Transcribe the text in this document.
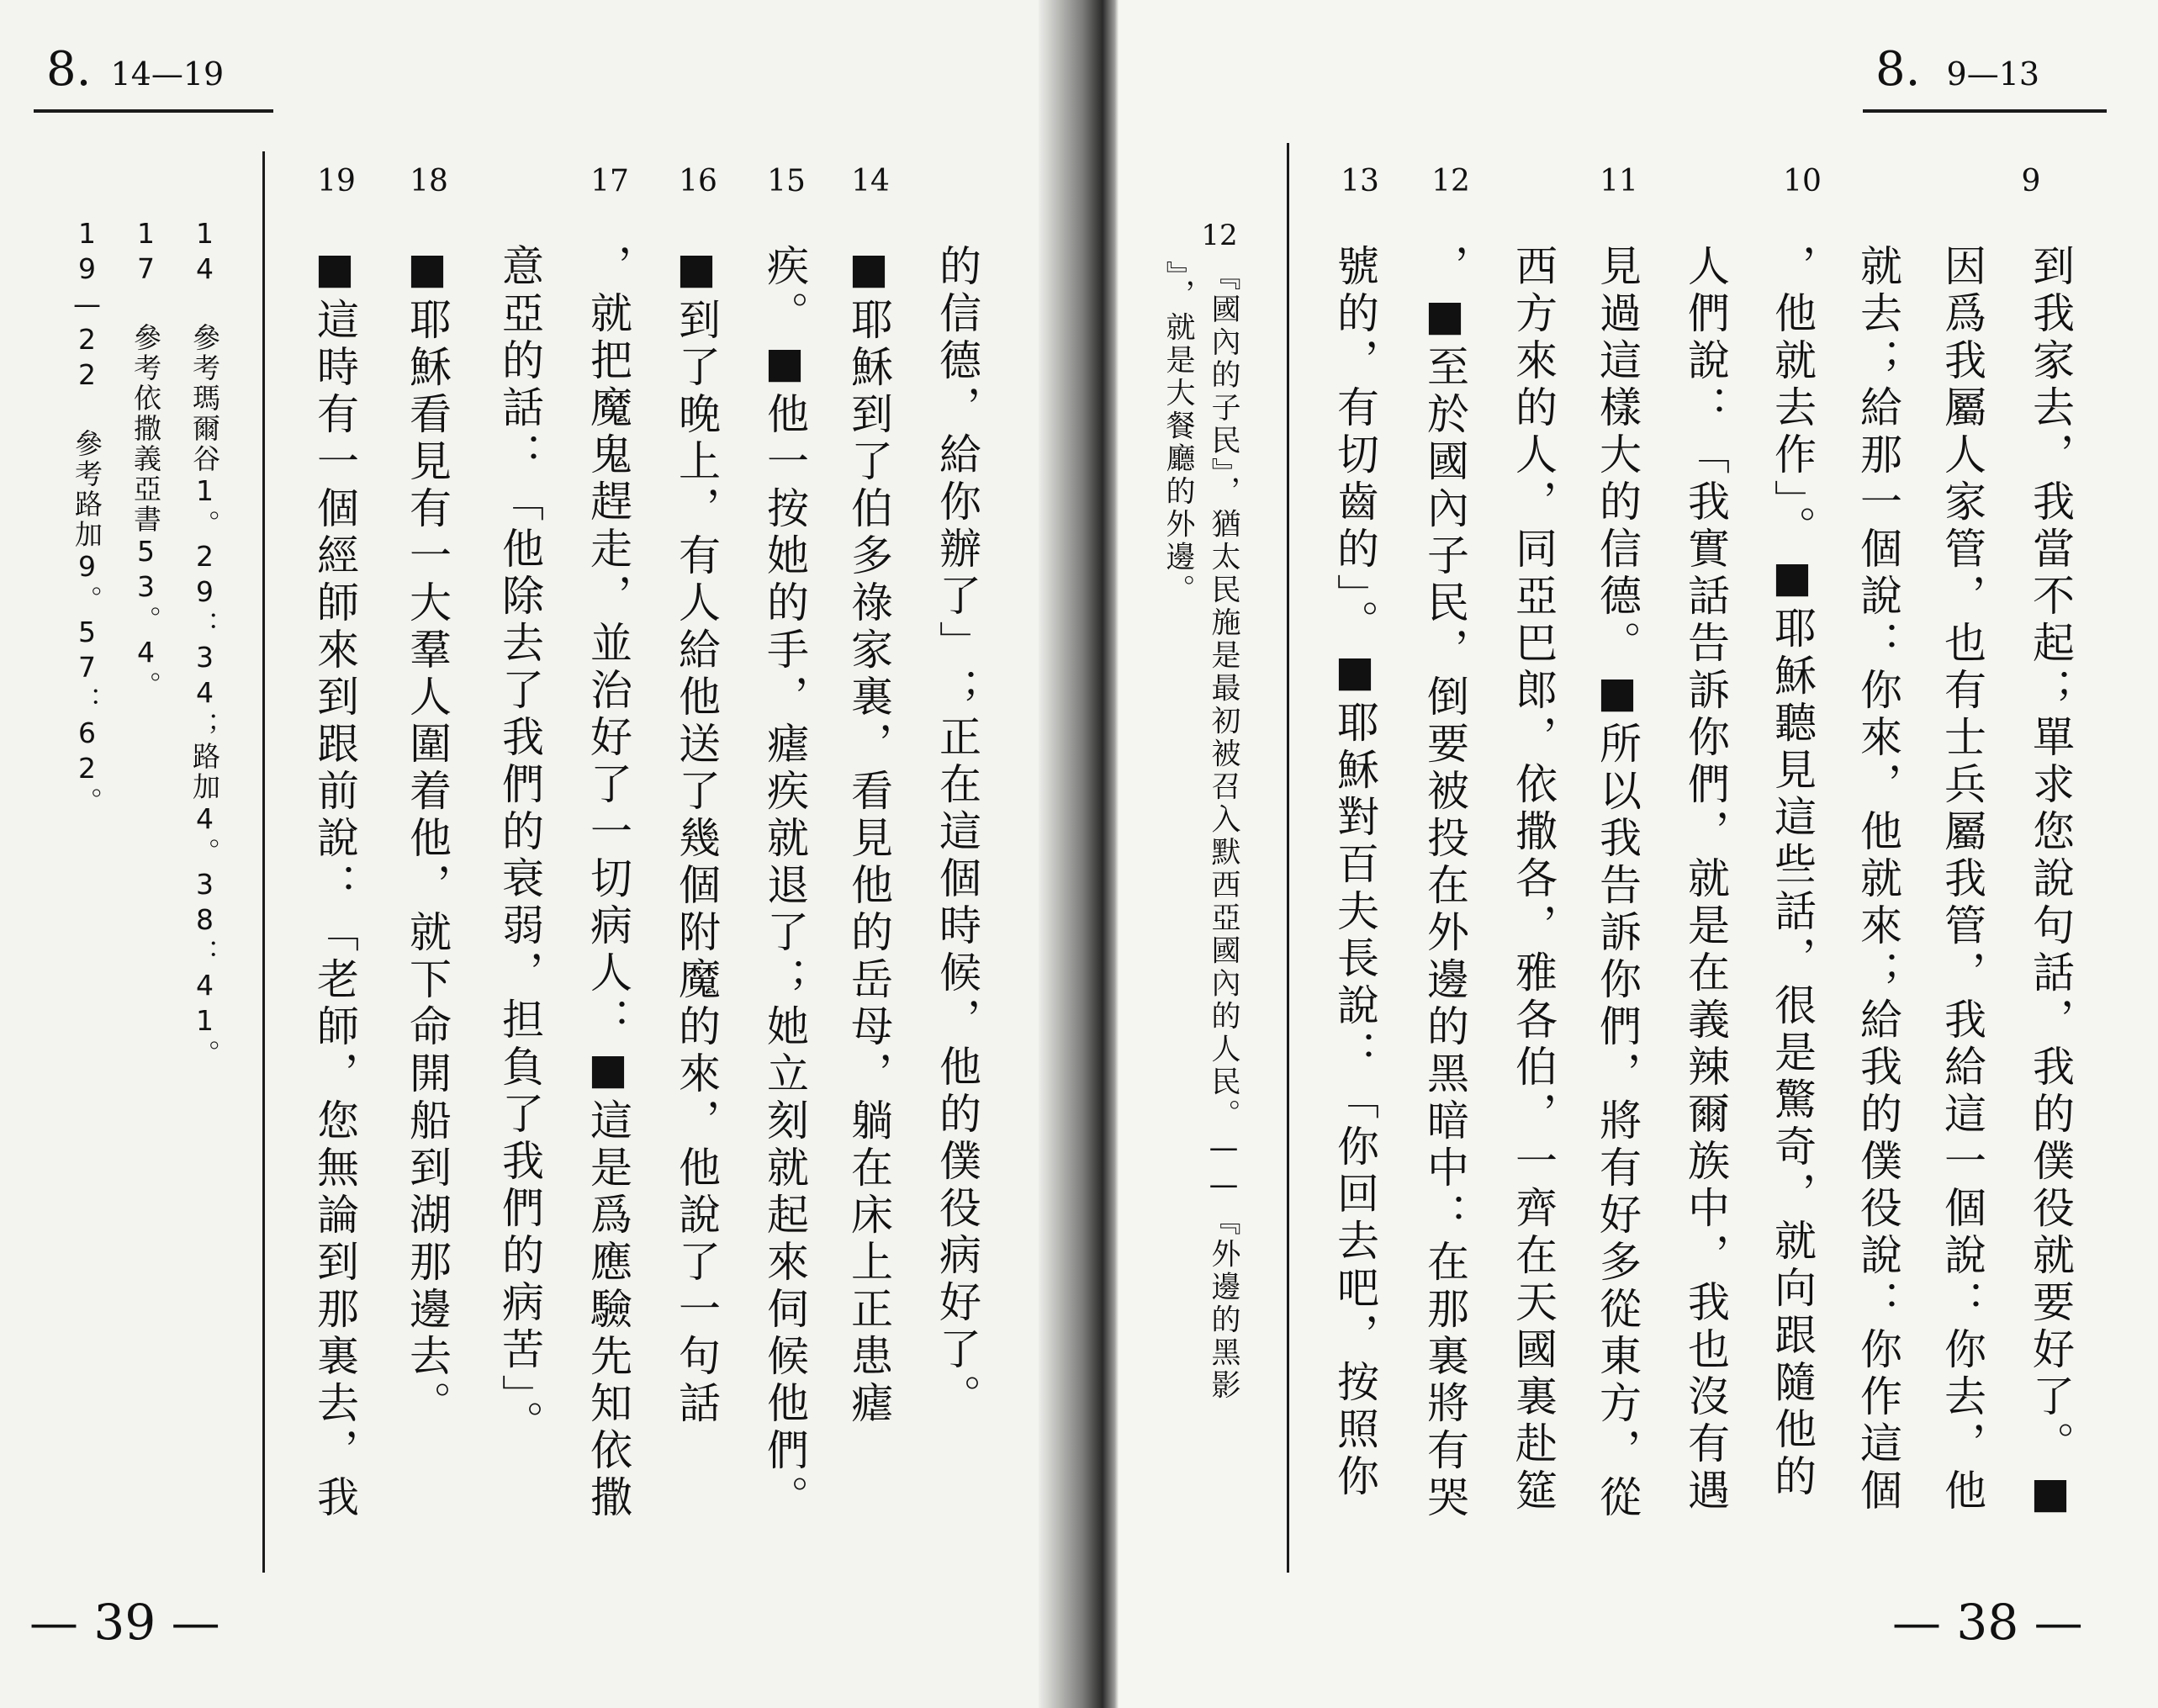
8. 14—19
14 參考瑪爾谷1。29：34；路加4。38：41。
17 參考依撒義亞書53。4。
19—22 參考路加9。57：62。
19	18	17	16	15	14
的信德，給你辦了」；正在這個時候，他的僕役病好了。
■耶穌到了伯多祿家裏，看見他的岳母，躺在床上正患瘧
疾。■他一按她的手，瘧疾就退了；她立刻就起來伺候他們。
■到了晚上，有人給他送了幾個附魔的來，他說了一句話
，就把魔鬼趕走，並治好了一切病人：■這是爲應驗先知依撒
意亞的話：「他除去了我們的衰弱，担負了我們的病苦」。
■耶穌看見有一大羣人圍着他，就下命開船到湖那邊去。
■這時有一個經師來到跟前說：「老師，您無論到那裏去，我
— 39 —
8. 9—13
12
『國內的子民』，猶太民施是最初被召入默西亞國內的人民。——『外邊的黑影
』，就是大餐廳的外邊。
9
10
11
12
13
到我家去，我當不起；單求您說句話，我的僕役就要好了。■
因爲我屬人家管，也有士兵屬我管，我給這一個說：你去，他
就去；給那一個說：你來，他就來；給我的僕役說：你作這個
，他就去作」。■耶穌聽見這些話，很是驚奇，就向跟隨他的
人們說：「我實話告訴你們，就是在義辣爾族中，我也沒有遇
見過這樣大的信德。■所以我告訴你們，將有好多從東方，從
西方來的人，同亞巴郎，依撒各，雅各伯，一齊在天國裏赴筵
，■至於國內子民，倒要被投在外邊的黑暗中：在那裏將有哭
號的，有切齒的」。■耶穌對百夫長說：「你回去吧，按照你
— 38 —
